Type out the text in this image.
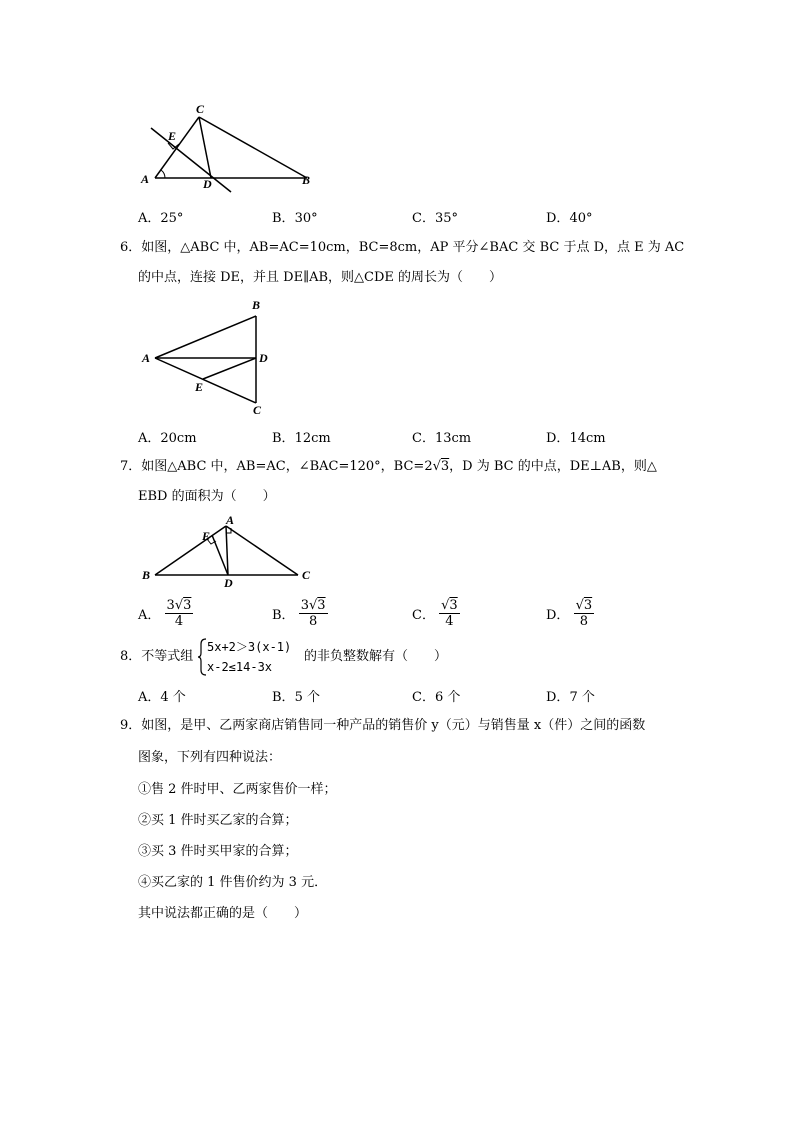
C
E
A	D	B
A．25°	B．30°	C．35°	D．40°
6．如图，△ABC 中，AB=AC=10cm，BC=8cm，AP 平分∠BAC 交 BC 于点 D，点 E 为 AC
的中点，连接 DE，并且 DE∥AB，则△CDE 的周长为（　　）
B
A	D
E
C
A．20cm	B．12cm	C．13cm	D．14cm
7．如图△ABC 中，AB=AC，∠BAC=120°，BC=2√3，D 为 BC 的中点，DE⊥AB，则△
EBD 的面积为（　　）
A
E
B
D
C
A． $\frac{3√3}{4}$	B． $\frac{3√3}{8}$	C． $\frac{√3}{4}$	D． $\frac{√3}{8}$
8．不等式组
5x+2＞3(x-1)
x-2≤14-3x
的非负整数解有（　　）
A．4 个	B．5 个	C．6 个	D．7 个
9．如图，是甲、乙两家商店销售同一种产品的销售价 y（元）与销售量 x（件）之间的函数
图象，下列有四种说法：
①售 2 件时甲、乙两家售价一样；
②买 1 件时买乙家的合算；
③买 3 件时买甲家的合算；
④买乙家的 1 件售价约为 3 元．
其中说法都正确的是（　　）
